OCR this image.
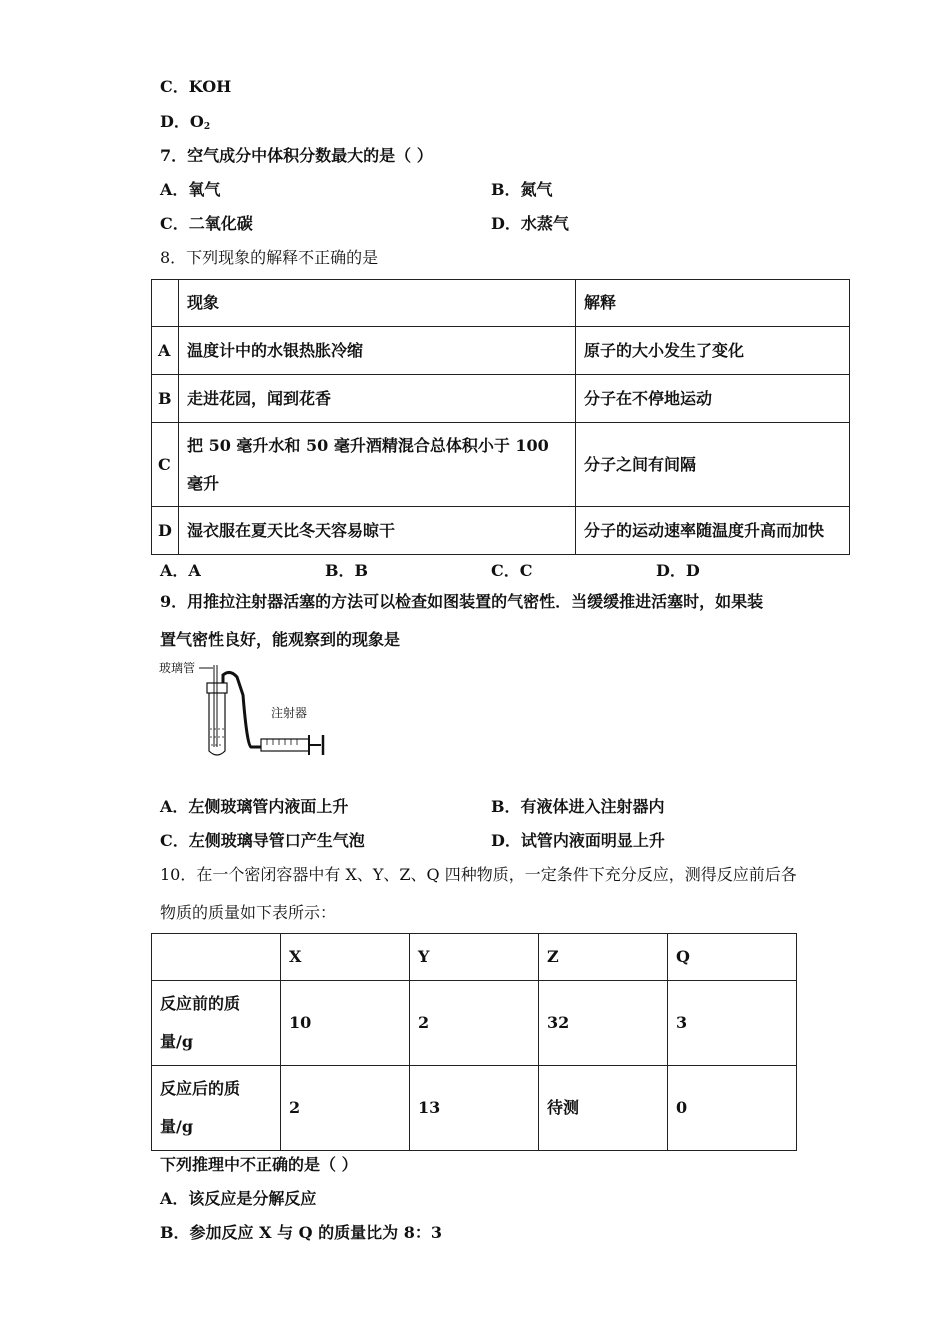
C．KOH
D．$O_2$
7．空气成分中体积分数最大的是（ ）
A．氧气	B．氮气
C．二氧化碳	D．水蒸气
8．下列现象的解释不正确的是
	现象	解释
A	温度计中的水银热胀冷缩	原子的大小发生了变化
B	走进花园，闻到花香	分子在不停地运动
C	把 50 毫升水和 50 毫升酒精混合总体积小于 100 毫升	分子之间有间隔
D	湿衣服在夏天比冬天容易晾干	分子的运动速率随温度升高而加快
A．A	B．B	C．C	D．D
9．用推拉注射器活塞的方法可以检查如图装置的气密性．当缓缓推进活塞时，如果装
置气密性良好，能观察到的现象是
玻璃管
注射器
A．左侧玻璃管内液面上升	B．有液体进入注射器内
C．左侧玻璃导管口产生气泡	D．试管内液面明显上升
10．在一个密闭容器中有 X、Y、Z、Q 四种物质，一定条件下充分反应，测得反应前后各
物质的质量如下表所示：
	X	Y	Z	Q
反应前的质
量/g	10	2	32	3
反应后的质
量/g	2	13	待测	0
下列推理中不正确的是（ ）
A．该反应是分解反应
B．参加反应 X 与 Q 的质量比为 8：3
